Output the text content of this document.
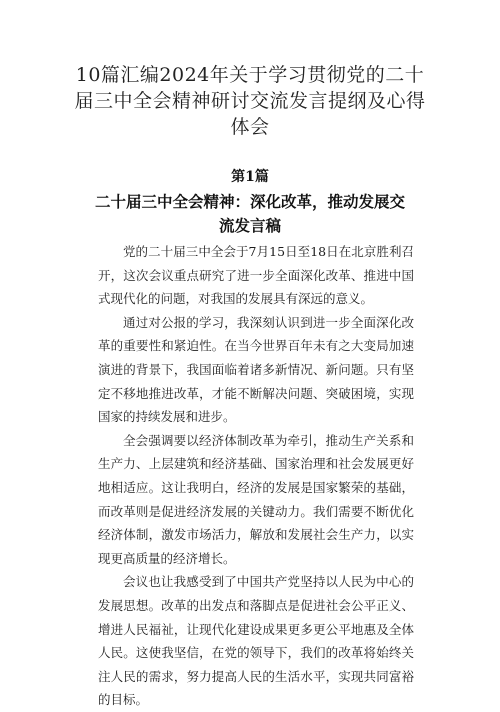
10篇汇编2024年关于学习贯彻党的二十届三中全会精神研讨交流发言提纲及心得体会
第1篇
二十届三中全会精神：深化改革，推动发展交流发言稿

党的二十届三中全会于7月15日至18日在北京胜利召开，这次会议重点研究了进一步全面深化改革、推进中国式现代化的问题，对我国的发展具有深远的意义。

通过对公报的学习，我深刻认识到进一步全面深化改革的重要性和紧迫性。在当今世界百年未有之大变局加速演进的背景下，我国面临着诸多新情况、新问题。只有坚定不移地推进改革，才能不断解决问题、突破困境，实现国家的持续发展和进步。

全会强调要以经济体制改革为牵引，推动生产关系和生产力、上层建筑和经济基础、国家治理和社会发展更好地相适应。这让我明白，经济的发展是国家繁荣的基础，而改革则是促进经济发展的关键动力。我们需要不断优化经济体制，激发市场活力，解放和发展社会生产力，以实现更高质量的经济增长。

会议也让我感受到了中国共产党坚持以人民为中心的发展思想。改革的出发点和落脚点是促进社会公平正义、增进人民福祉，让现代化建设成果更多更公平地惠及全体人民。这使我坚信，在党的领导下，我们的改革将始终关注人民的需求，努力提高人民的生活水平，实现共同富裕的目标。
